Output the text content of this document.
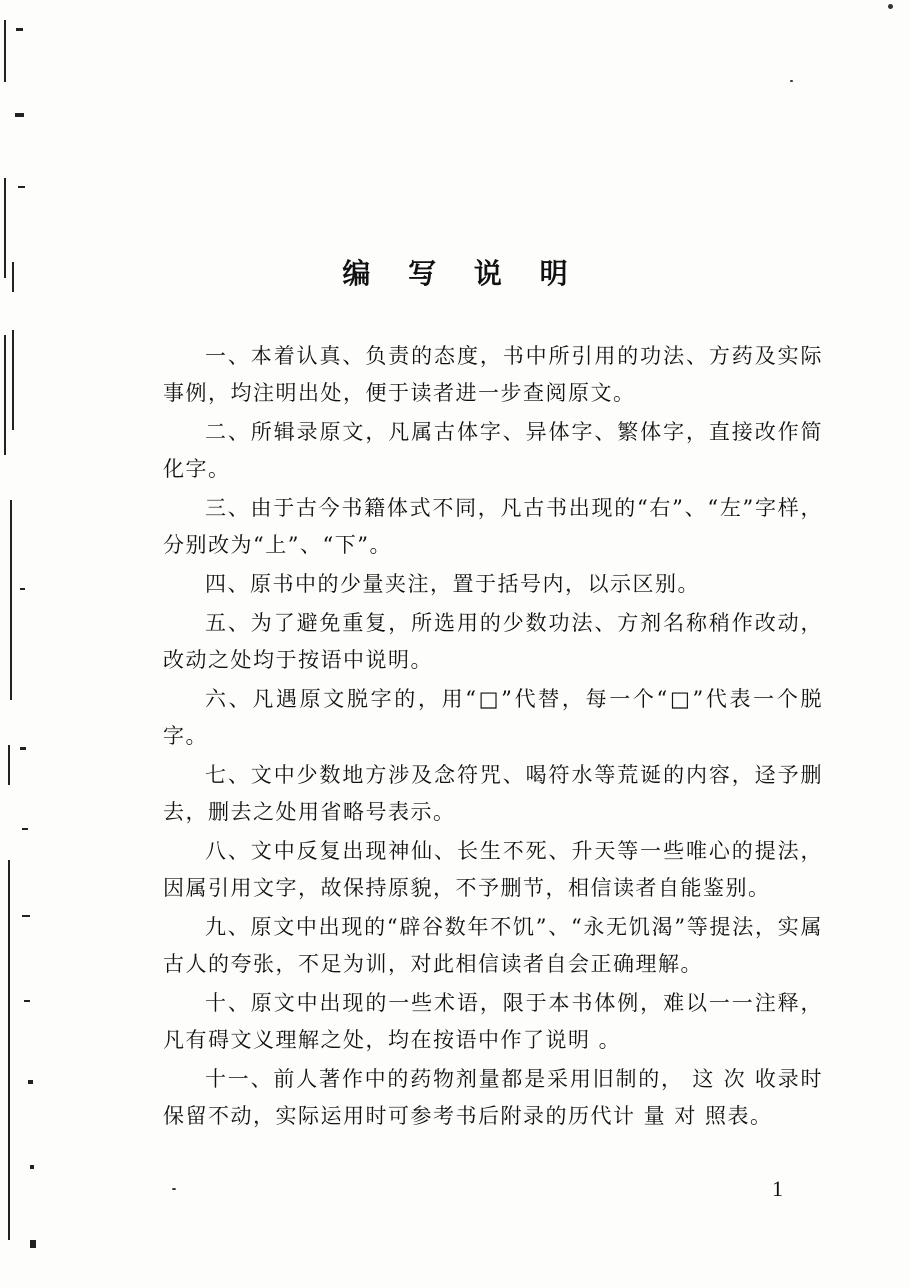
编 写 说 明

一、本着认真、负责的态度，书中所引用的功法、方药及实际事例，均注明出处，便于读者进一步查阅原文。

二、所辑录原文，凡属古体字、异体字、繁体字，直接改作简化字。

三、由于古今书籍体式不同，凡古书出现的“右”、“左”字样，分别改为“上”、“下”。

四、原书中的少量夹注，置于括号内，以示区别。

五、为了避免重复，所选用的少数功法、方剂名称稍作改动，改动之处均于按语中说明。

六、凡遇原文脱字的，用“□”代替，每一个“□”代表一个脱字。

七、文中少数地方涉及念符咒、喝符水等荒诞的内容，迳予删去，删去之处用省略号表示。

八、文中反复出现神仙、长生不死、升天等一些唯心的提法，因属引用文字，故保持原貌，不予删节，相信读者自能鉴别。

九、原文中出现的“辟谷数年不饥”、“永无饥渴”等提法，实属古人的夸张，不足为训，对此相信读者自会正确理解。

十、原文中出现的一些术语，限于本书体例，难以一一注释，凡有碍文义理解之处，均在按语中作了说明 。

十一、前人著作中的药物剂量都是采用旧制的， 这 次 收录时保留不动，实际运用时可参考书后附录的历代计 量 对 照表。

1
